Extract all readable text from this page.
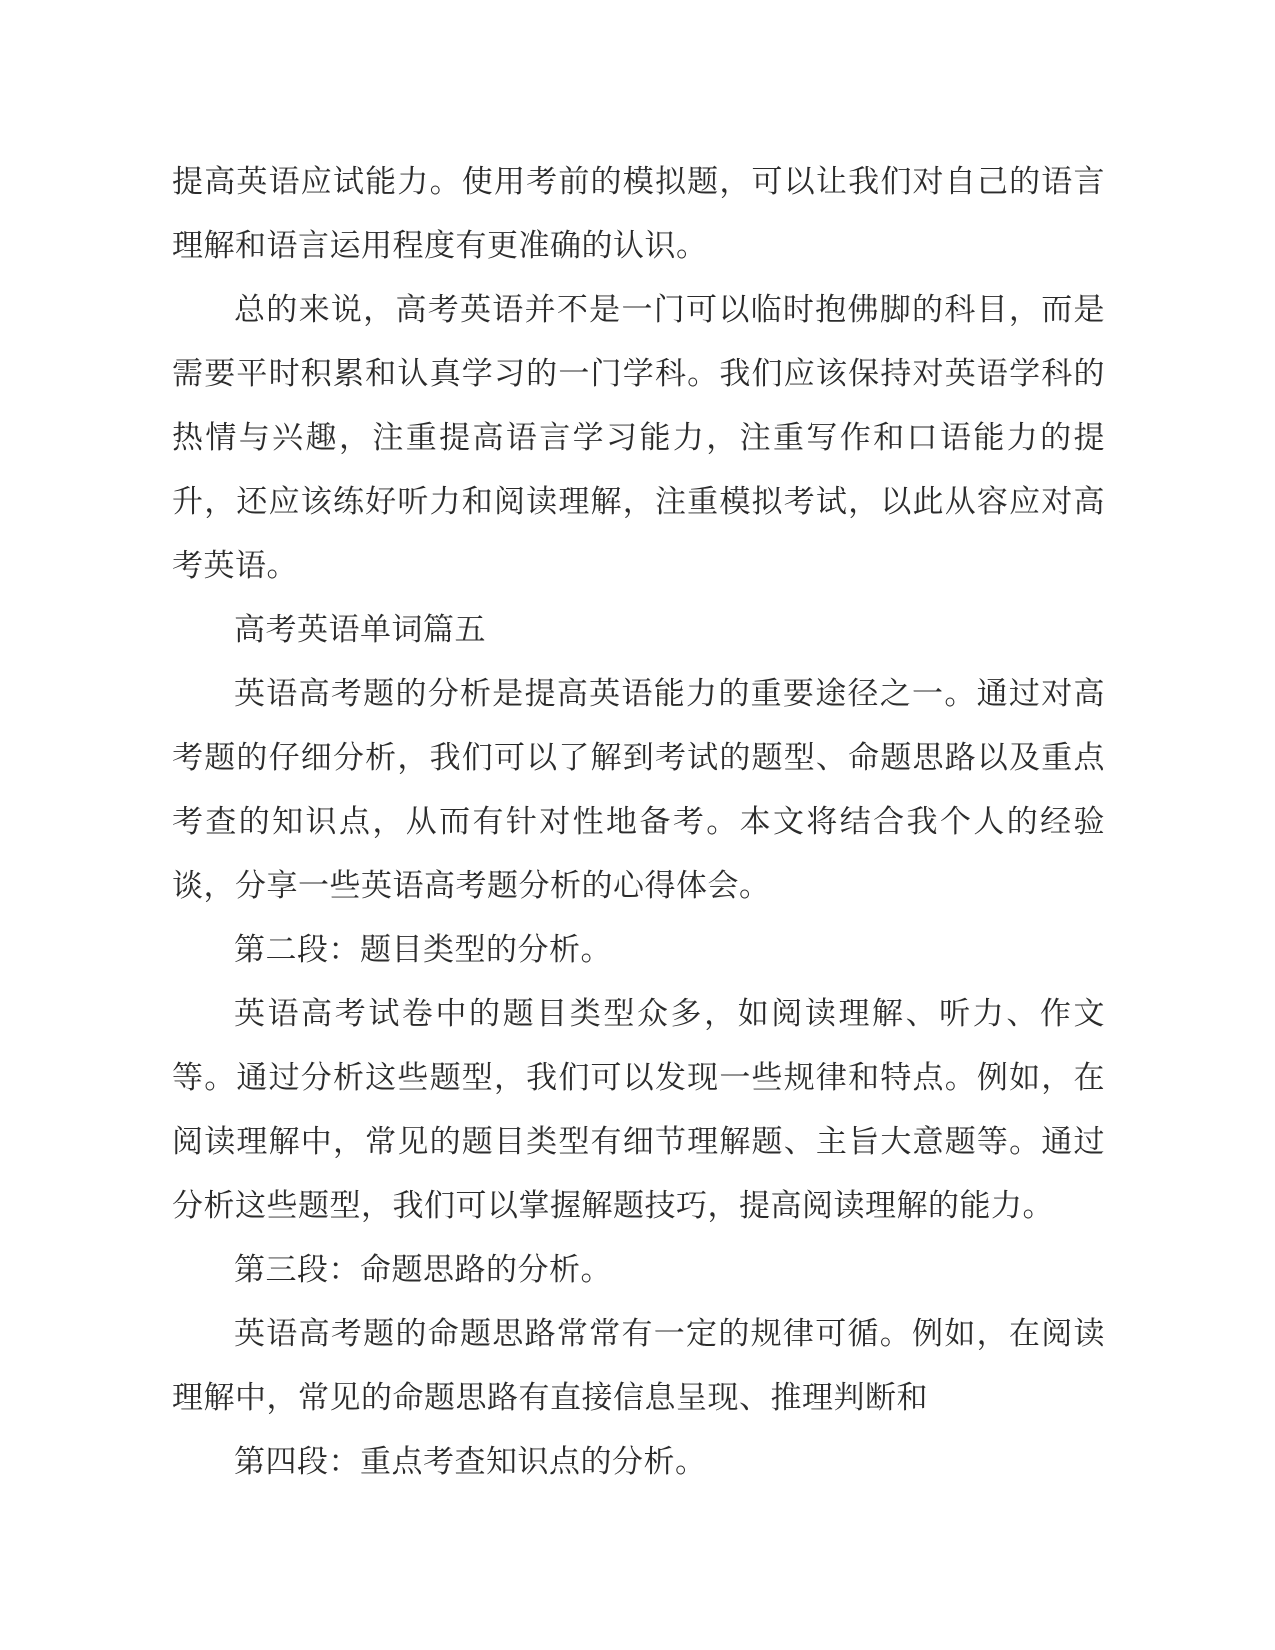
提高英语应试能力。使用考前的模拟题，可以让我们对自己的语言理解和语言运用程度有更准确的认识。

总的来说，高考英语并不是一门可以临时抱佛脚的科目，而是需要平时积累和认真学习的一门学科。我们应该保持对英语学科的热情与兴趣，注重提高语言学习能力，注重写作和口语能力的提升，还应该练好听力和阅读理解，注重模拟考试，以此从容应对高考英语。

高考英语单词篇五

英语高考题的分析是提高英语能力的重要途径之一。通过对高考题的仔细分析，我们可以了解到考试的题型、命题思路以及重点考查的知识点，从而有针对性地备考。本文将结合我个人的经验谈，分享一些英语高考题分析的心得体会。

第二段：题目类型的分析。

英语高考试卷中的题目类型众多，如阅读理解、听力、作文等。通过分析这些题型，我们可以发现一些规律和特点。例如，在阅读理解中，常见的题目类型有细节理解题、主旨大意题等。通过分析这些题型，我们可以掌握解题技巧，提高阅读理解的能力。

第三段：命题思路的分析。

英语高考题的命题思路常常有一定的规律可循。例如，在阅读理解中，常见的命题思路有直接信息呈现、推理判断和

第四段：重点考查知识点的分析。
